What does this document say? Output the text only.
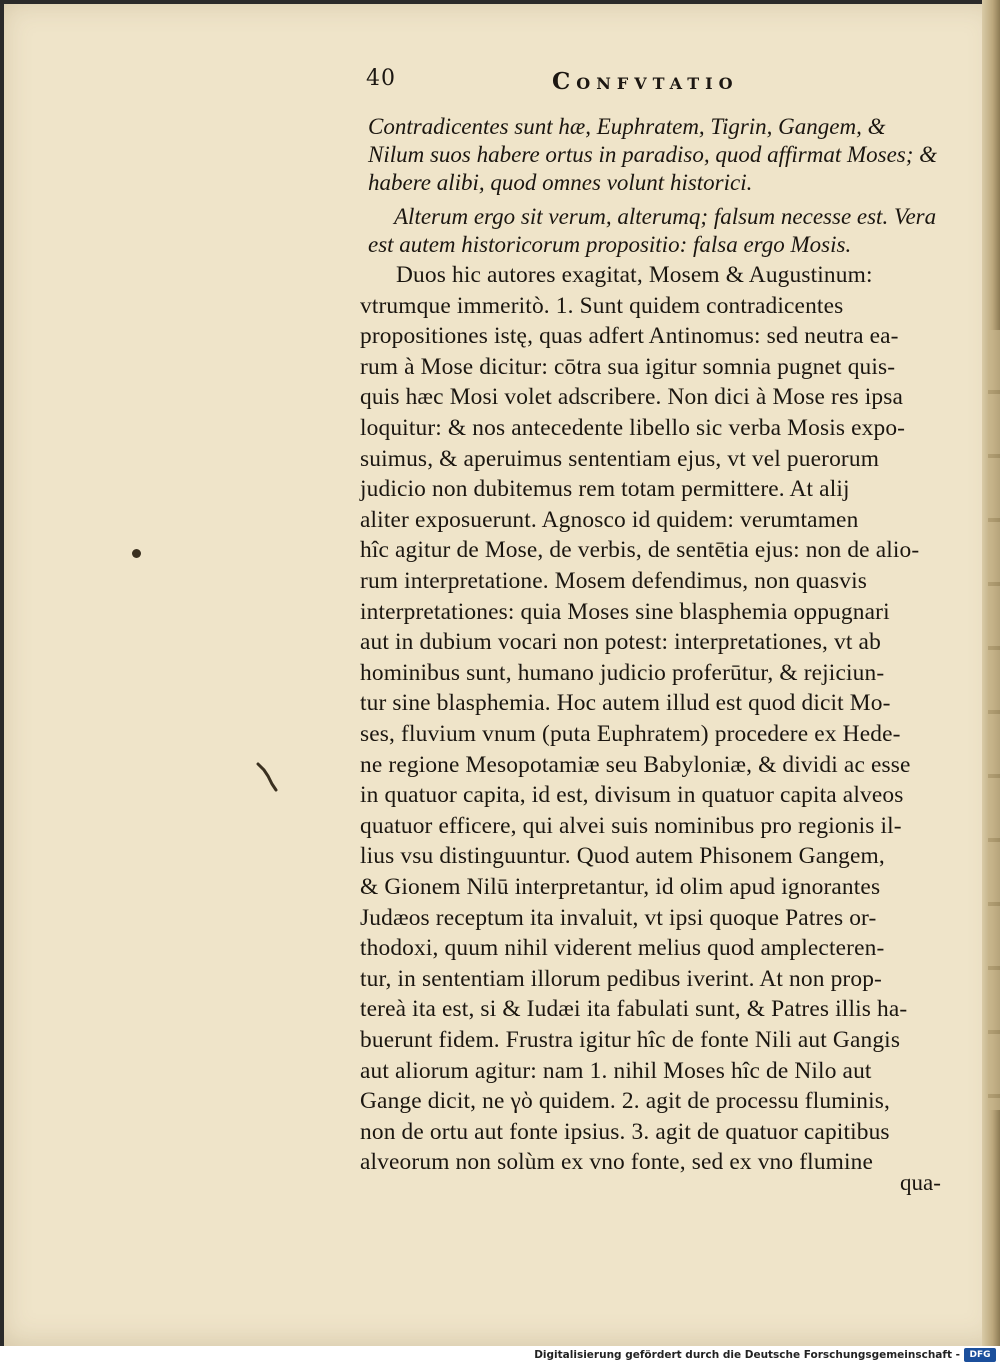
40	Confvtatio
Contradicentes sunt hæ, Euphratem, Tigrin, Gangem, &
Nilum suos habere ortus in paradiso, quod affirmat Moses; &
habere alibi, quod omnes volunt historici.
Alterum ergo sit verum, alterumq; falsum necesse est. Vera
est autem historicorum propositio: falsa ergo Mosis.
Duos hic autores exagitat, Mosem & Augustinum:
vtrumque immeritò. 1. Sunt quidem contradicentes
propositiones istę, quas adfert Antinomus: sed neutra ea-
rum à Mose dicitur: cōtra sua igitur somnia pugnet quis-
quis hæc Mosi volet adscribere. Non dici à Mose res ipsa
loquitur: & nos antecedente libello sic verba Mosis expo-
suimus, & aperuimus sententiam ejus, vt vel puerorum
judicio non dubitemus rem totam permittere. At alij
aliter exposuerunt. Agnosco id quidem: verumtamen
hîc agitur de Mose, de verbis, de sentētia ejus: non de alio-
rum interpretatione. Mosem defendimus, non quasvis
interpretationes: quia Moses sine blasphemia oppugnari
aut in dubium vocari non potest: interpretationes, vt ab
hominibus sunt, humano judicio proferūtur, & rejiciun-
tur sine blasphemia. Hoc autem illud est quod dicit Mo-
ses, fluvium vnum (puta Euphratem) procedere ex Hede-
ne regione Mesopotamiæ seu Babyloniæ, & dividi ac esse
in quatuor capita, id est, divisum in quatuor capita alveos
quatuor efficere, qui alvei suis nominibus pro regionis il-
lius vsu distinguuntur. Quod autem Phisonem Gangem,
& Gionem Nilū interpretantur, id olim apud ignorantes
Judæos receptum ita invaluit, vt ipsi quoque Patres or-
thodoxi, quum nihil viderent melius quod amplecteren-
tur, in sententiam illorum pedibus iverint. At non prop-
tereà ita est, si & Iudæi ita fabulati sunt, & Patres illis ha-
buerunt fidem. Frustra igitur hîc de fonte Nili aut Gangis
aut aliorum agitur: nam 1. nihil Moses hîc de Nilo aut
Gange dicit, ne γὸ quidem. 2. agit de processu fluminis,
non de ortu aut fonte ipsius. 3. agit de quatuor capitibus
alveorum non solùm ex vno fonte, sed ex vno flumine
qua-
Digitalisierung gefördert durch die Deutsche Forschungsgemeinschaft -	DFG
